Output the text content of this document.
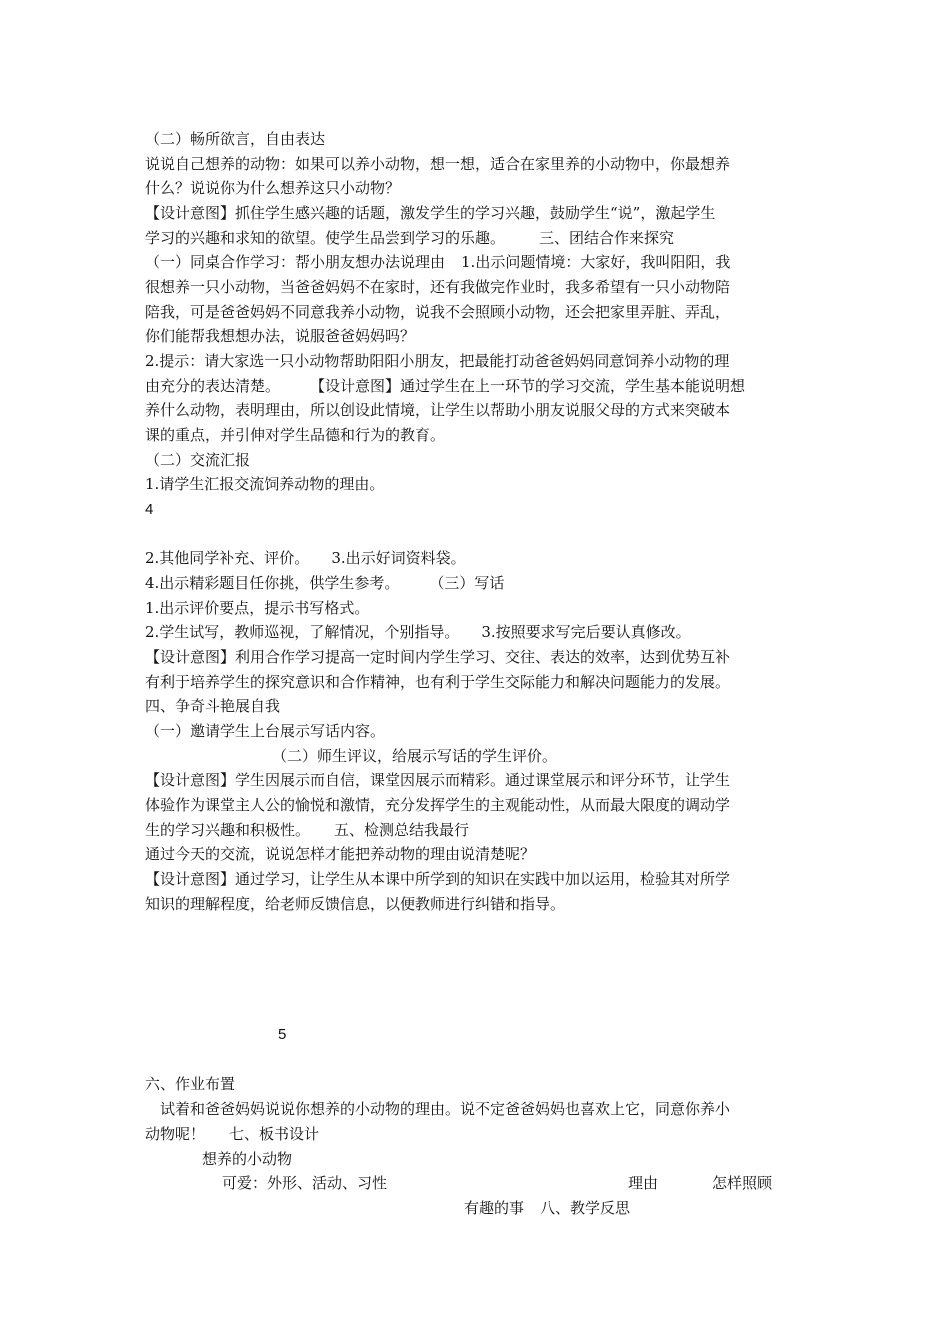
（二）畅所欲言，自由表达
说说自己想养的动物：如果可以养小动物，想一想，适合在家里养的小动物中，你最想养
什么？说说你为什么想养这只小动物？
【设计意图】抓住学生感兴趣的话题，激发学生的学习兴趣，鼓励学生“说”，激起学生
学习的兴趣和求知的欲望。使学生品尝到学习的乐趣。 三、团结合作来探究
（一）同桌合作学习：帮小朋友想办法说理由 1.出示问题情境：大家好，我叫阳阳，我
很想养一只小动物，当爸爸妈妈不在家时，还有我做完作业时，我多希望有一只小动物陪
陪我，可是爸爸妈妈不同意我养小动物，说我不会照顾小动物，还会把家里弄脏、弄乱，
你们能帮我想想办法，说服爸爸妈妈吗？
2.提示：请大家选一只小动物帮助阳阳小朋友，把最能打动爸爸妈妈同意饲养小动物的理
由充分的表达清楚。 【设计意图】通过学生在上一环节的学习交流，学生基本能说明想
养什么动物，表明理由，所以创设此情境，让学生以帮助小朋友说服父母的方式来突破本
课的重点，并引伸对学生品德和行为的教育。
（二）交流汇报
1.请学生汇报交流饲养动物的理由。
4
2.其他同学补充、评价。 3.出示好词资料袋。
4.出示精彩题目任你挑，供学生参考。 （三）写话
1.出示评价要点，提示书写格式。
2.学生试写，教师巡视，了解情况，个别指导。 3.按照要求写完后要认真修改。
【设计意图】利用合作学习提高一定时间内学生学习、交往、表达的效率，达到优势互补
有利于培养学生的探究意识和合作精神，也有利于学生交际能力和解决问题能力的发展。
四、争奇斗艳展自我
（一）邀请学生上台展示写话内容。
（二）师生评议，给展示写话的学生评价。
【设计意图】学生因展示而自信，课堂因展示而精彩。通过课堂展示和评分环节，让学生
体验作为课堂主人公的愉悦和激情，充分发挥学生的主观能动性，从而最大限度的调动学
生的学习兴趣和积极性。 五、检测总结我最行
通过今天的交流，说说怎样才能把养动物的理由说清楚呢？
【设计意图】通过学习，让学生从本课中所学到的知识在实践中加以运用，检验其对所学
知识的理解程度，给老师反馈信息，以便教师进行纠错和指导。
5
六、作业布置
试着和爸爸妈妈说说你想养的小动物的理由。说不定爸爸妈妈也喜欢上它，同意你养小
动物呢！ 七、板书设计
想养的小动物
可爱：外形、活动、习性	理由	怎样照顾
有趣的事 八、教学反思
